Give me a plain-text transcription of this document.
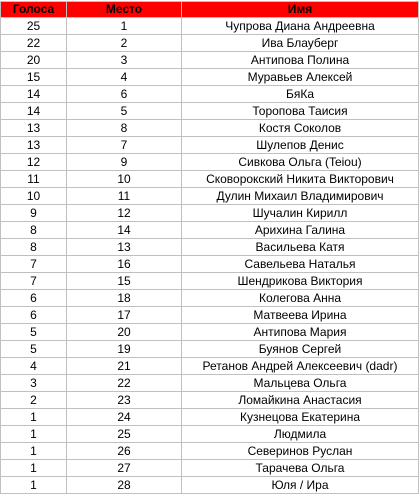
Голоса	Место	Имя
25	1	Чупрова Диана Андреевна
22	2	Ива Блауберг
20	3	Антипова Полина
15	4	Муравьев Алексей
14	6	БяКа
14	5	Торопова Таисия
13	8	Костя Соколов
13	7	Шулепов Денис
12	9	Сивкова Ольга (Teiou)
11	10	Сковорокский Никита Викторович
10	11	Дулин Михаил Владимирович
9	12	Шучалин Кирилл
8	14	Арихина Галина
8	13	Васильева Катя
7	16	Савельева Наталья
7	15	Шендрикова Виктория
6	18	Колегова Анна
6	17	Матвеева Ирина
5	20	Антипова Мария
5	19	Буянов Сергей
4	21	Ретанов Андрей Алексеевич (dadr)
3	22	Мальцева Ольга
2	23	Ломайкина Анастасия
1	24	Кузнецова Екатерина
1	25	Людмила
1	26	Северинов Руслан
1	27	Тарачева Ольга
1	28	Юля / Ира
